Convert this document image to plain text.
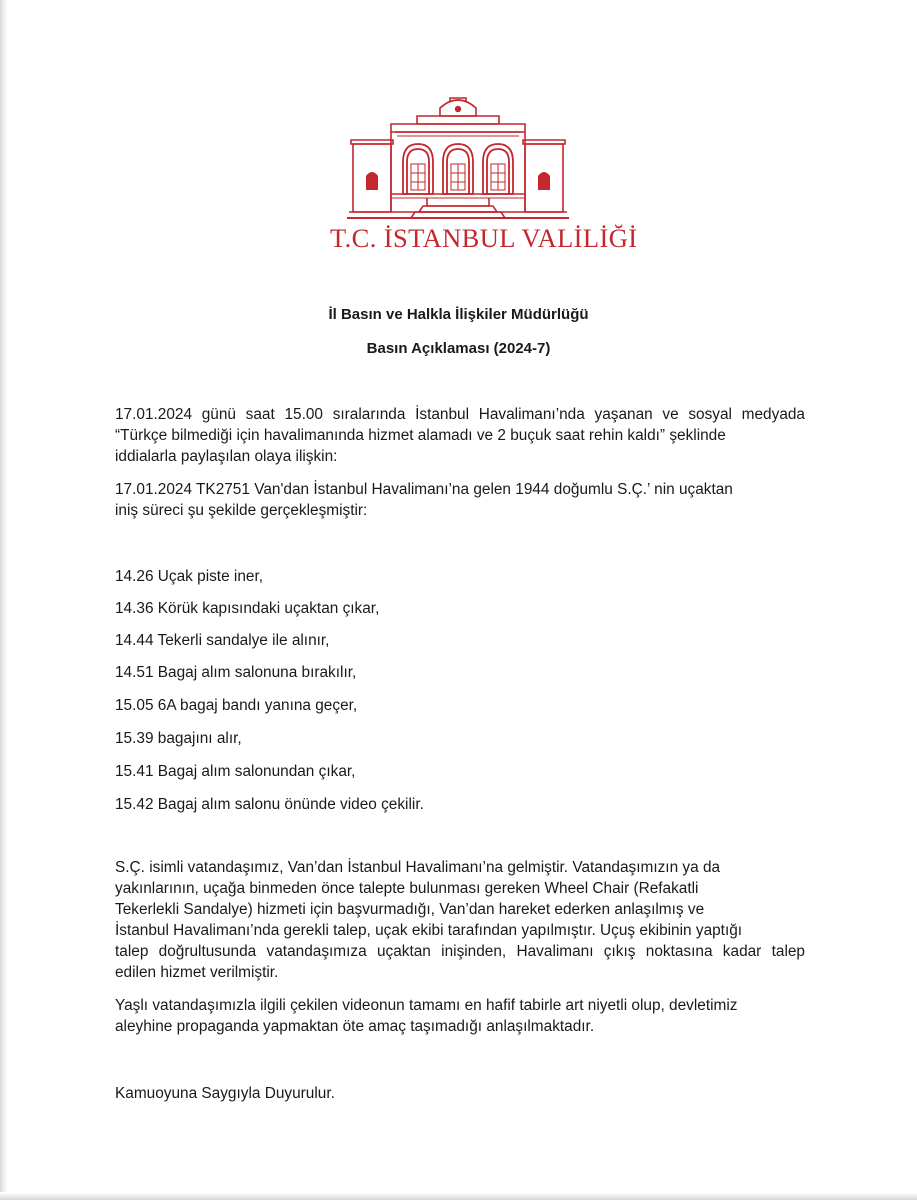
T.C. İSTANBUL VALİLİĞİ
İl Basın ve Halkla İlişkiler Müdürlüğü
Basın Açıklaması (2024-7)
17.01.2024 günü saat 15.00 sıralarında İstanbul Havalimanı’nda yaşanan ve sosyal medyada
“Türkçe bilmediği için havalimanında hizmet alamadı ve 2 buçuk saat rehin kaldı” şeklinde
iddialarla paylaşılan olaya ilişkin:
17.01.2024 TK2751 Van'dan İstanbul Havalimanı’na gelen 1944 doğumlu S.Ç.’ nin uçaktan
iniş süreci şu şekilde gerçekleşmiştir:
14.26 Uçak piste iner,
14.36 Körük kapısındaki uçaktan çıkar,
14.44 Tekerli sandalye ile alınır,
14.51 Bagaj alım salonuna bırakılır,
15.05 6A bagaj bandı yanına geçer,
15.39 bagajını alır,
15.41 Bagaj alım salonundan çıkar,
15.42 Bagaj alım salonu önünde video çekilir.
S.Ç. isimli vatandaşımız, Van’dan İstanbul Havalimanı’na gelmiştir. Vatandaşımızın ya da
yakınlarının, uçağa binmeden önce talepte bulunması gereken Wheel Chair (Refakatli
Tekerlekli Sandalye) hizmeti için başvurmadığı, Van’dan hareket ederken anlaşılmış ve
İstanbul Havalimanı’nda gerekli talep, uçak ekibi tarafından yapılmıştır. Uçuş ekibinin yaptığı
talep doğrultusunda vatandaşımıza uçaktan inişinden, Havalimanı çıkış noktasına kadar talep
edilen hizmet verilmiştir.
Yaşlı vatandaşımızla ilgili çekilen videonun tamamı en hafif tabirle art niyetli olup, devletimiz
aleyhine propaganda yapmaktan öte amaç taşımadığı anlaşılmaktadır.
Kamuoyuna Saygıyla Duyurulur.
